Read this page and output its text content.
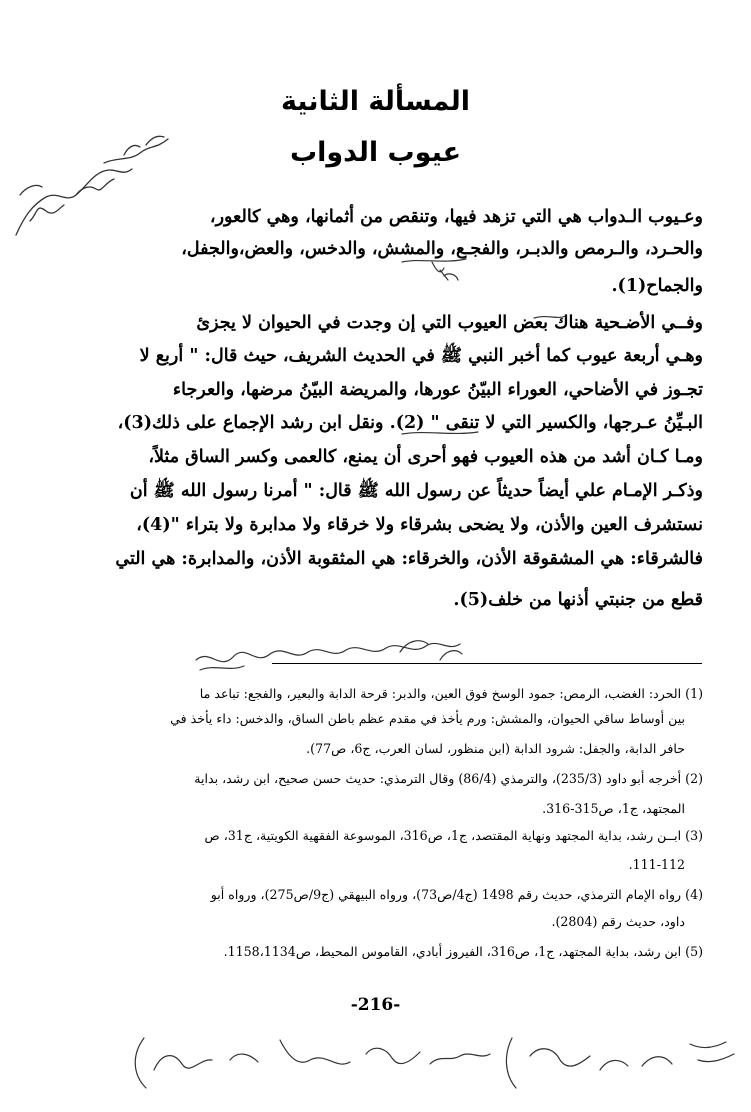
المسألة الثانية
عيوب الدواب
وعـيوب الـدواب هي التي تزهد فيها، وتنقص من أثمانها، وهي كالعور،
والحـرد، والـرمص والدبـر، والفجـع، والمشش، والدخس، والعض،والجفل،
والجماح(1).
وفــي الأضـحية هناك بعض العيوب التي إن وجدت في الحيوان لا يجزئ
وهـي أربعة عيوب كما أخبر النبي ﷺ في الحديث الشريف، حيث قال: " أربع لا
تجـوز في الأضاحي، العوراء البيّنُ عورها، والمريضة البيّنُ مرضها، والعرجاء
البـيِّنُ عـرجها، والكسير التي لا تنقى " (2). ونقل ابن رشد الإجماع على ذلك(3)،
ومـا كـان أشد من هذه العيوب فهو أحرى أن يمنع، كالعمى وكسر الساق مثلاً،
وذكـر الإمـام علي أيضاً حديثاً عن رسول الله ﷺ قال: " أمرنا رسول الله ﷺ أن
نستشرف العين والأذن، ولا يضحى بشرقاء ولا خرقاء ولا مدابرة ولا بتراء "(4)،
فالشرقاء: هي المشقوقة الأذن، والخرقاء: هي المثقوبة الأذن، والمدابرة: هي التي
قطع من جنبتي أذنها من خلف(5).
(1) الحرد: الغضب، الرمص: جمود الوسخ فوق العين، والدبر: قرحة الدابة والبعير، والفجع: تباعد ما
بين أوساط ساقي الحيوان، والمشش: ورم يأخذ في مقدم عظم باطن الساق، والدخس: داء يأخذ في
حافر الدابة، والجفل: شرود الدابة (ابن منظور، لسان العرب، ج6، ص77).
(2) أخرجه أبو داود (235/3)، والترمذي (86/4) وقال الترمذي: حديث حسن صحيح، ابن رشد، بداية
المجتهد، ج1، ص315-316.
(3) ابــن رشد، بداية المجتهد ونهاية المقتصد، ج1، ص316، الموسوعة الفقهية الكويتية، ج31، ص
111-112.
(4) رواه الإمام الترمذي، حديث رقم 1498 (ج4/ص73)، ورواه البيهقي (ج9/ص275)، ورواه أبو
داود، حديث رقم (2804).
(5) ابن رشد، بداية المجتهد، ج1، ص316، الفيروز أبادي، القاموس المحيط، ص1158،1134.
-216-
